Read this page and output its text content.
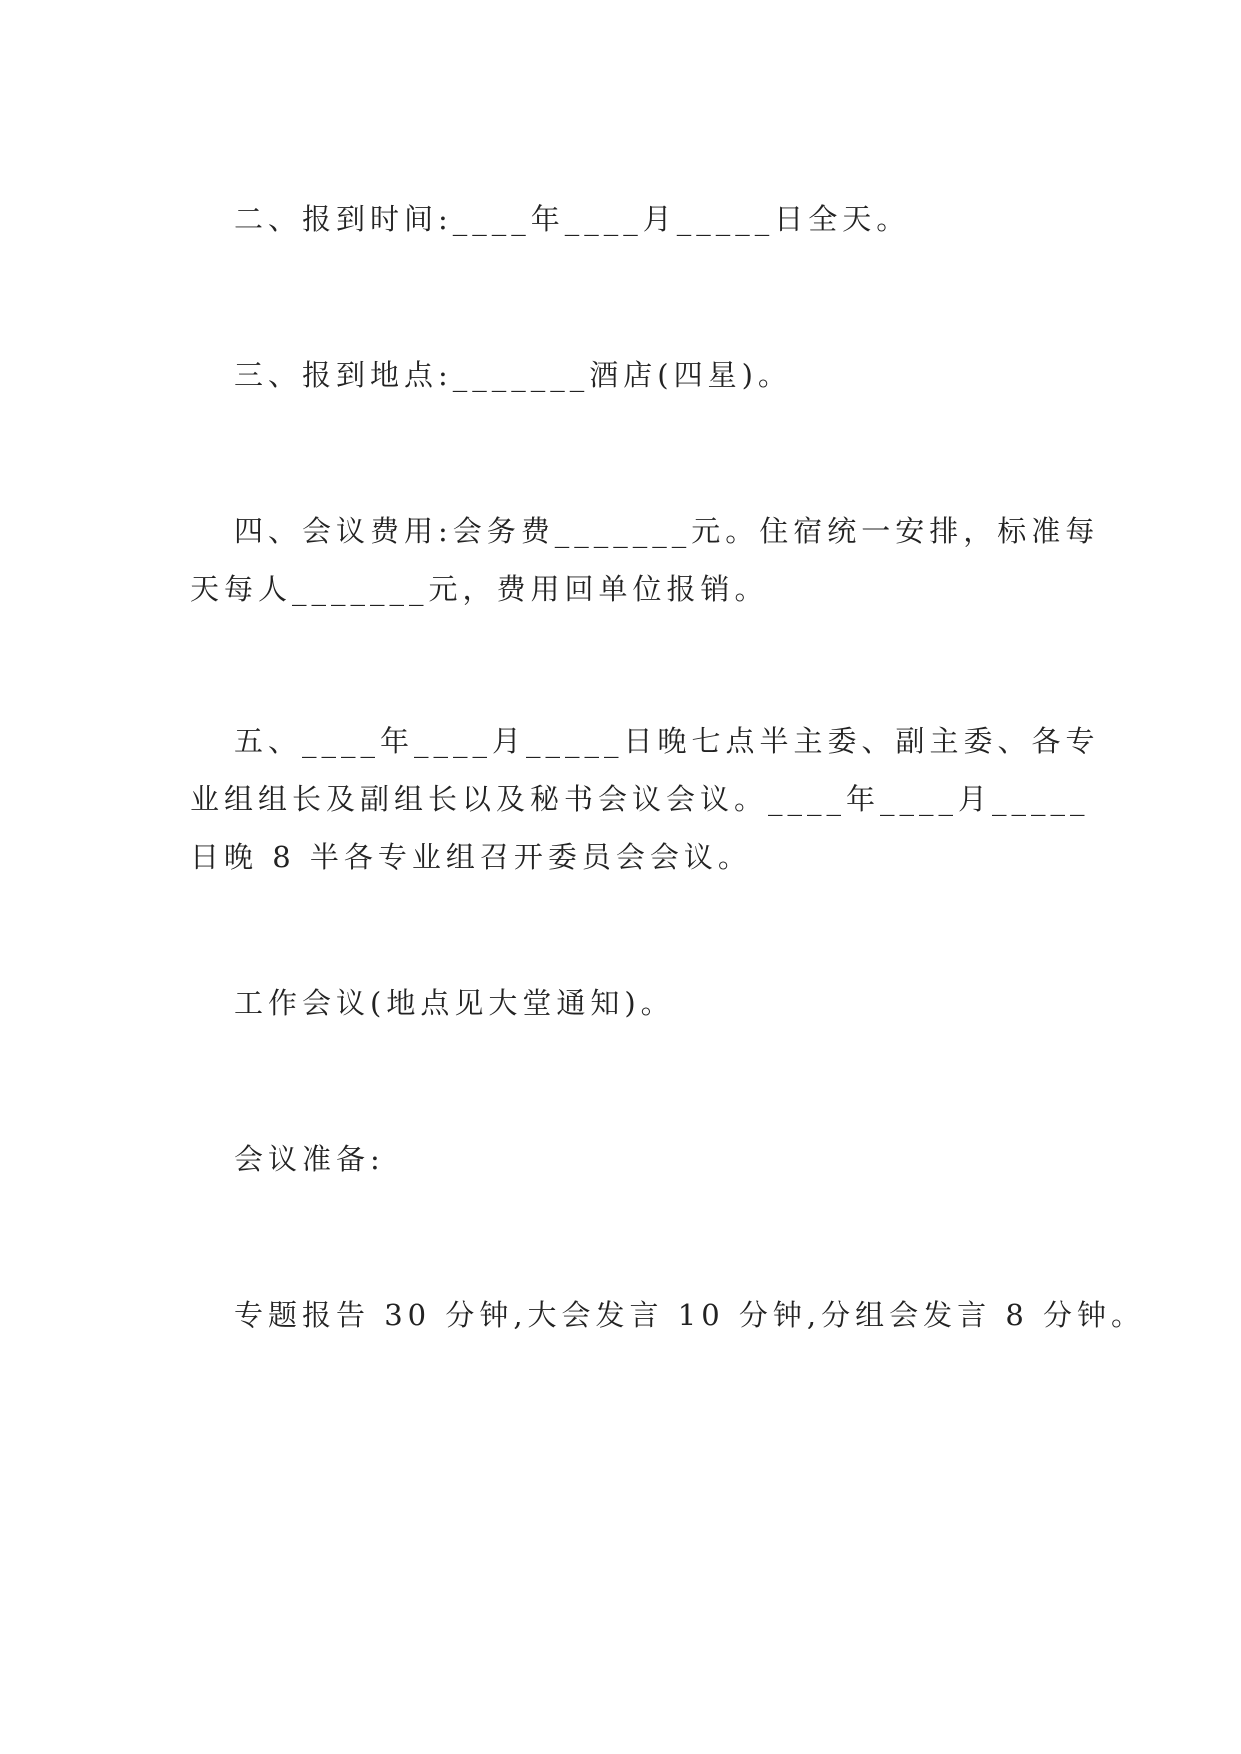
二、报到时间:____年____月_____日全天。

三、报到地点:_______酒店(四星)。

四、会议费用:会务费_______元。住宿统一安排，标准每
天每人_______元，费用回单位报销。

五、____年____月_____日晚七点半主委、副主委、各专
业组组长及副组长以及秘书会议会议。____年____月_____
日晚 8 半各专业组召开委员会会议。

工作会议(地点见大堂通知)。

会议准备:

专题报告 30 分钟,大会发言 10 分钟,分组会发言 8 分钟。
